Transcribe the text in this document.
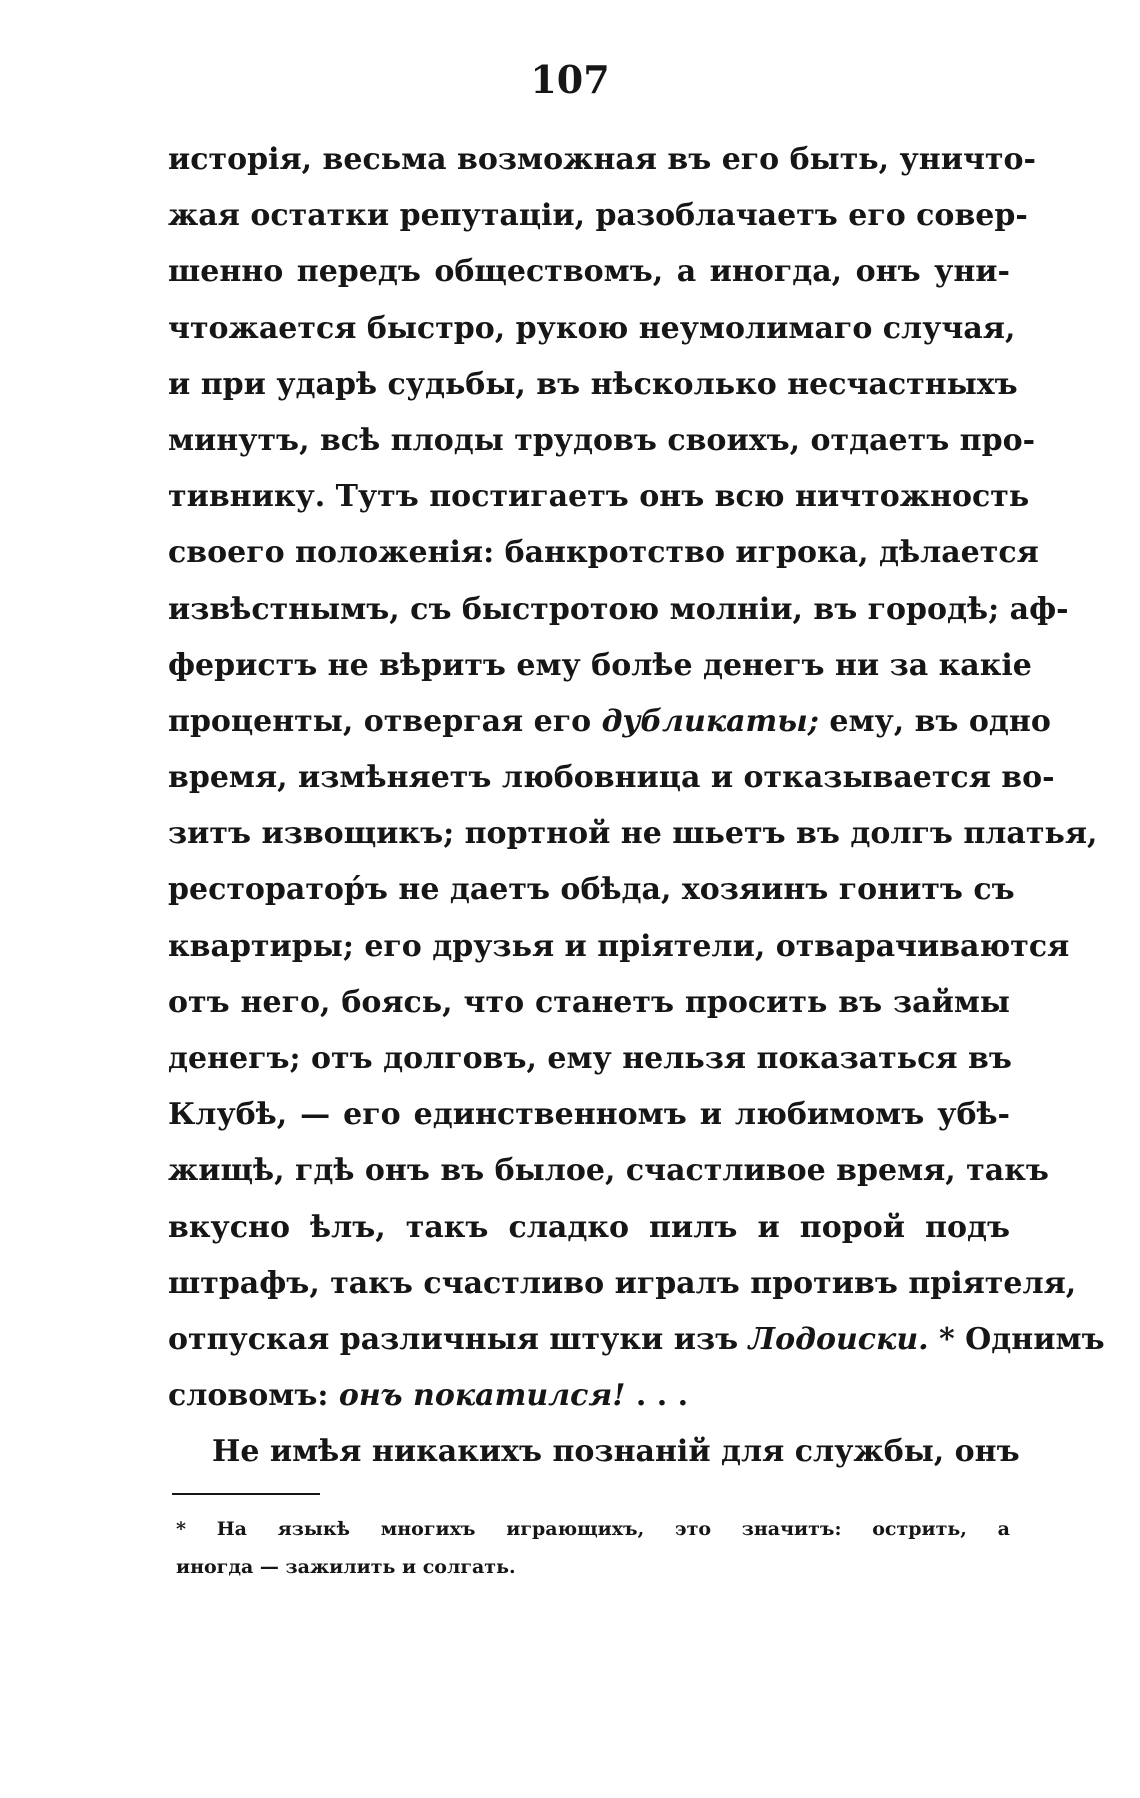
107
исторія, весьма возможная въ его быть, уничто-
жая остатки репутаціи, разоблачаетъ его совер-
шенно передъ обществомъ, а иногда, онъ уни-
чтожается быстро, рукою неумолимаго случая,
и при ударѣ судьбы, въ нѣсколько несчастныхъ
минутъ, всѣ плоды трудовъ своихъ, отдаетъ про-
тивнику. Тутъ постигаетъ онъ всю ничтожность
своего положенія: банкротство игрока, дѣлается
извѣстнымъ, съ быстротою молніи, въ городѣ; аф-
феристъ не вѣритъ ему болѣе денегъ ни за какіе
проценты, отвергая его дубликаты; ему, въ одно
время, измѣняетъ любовница и отказывается во-
зитъ извощикъ; портной не шьетъ въ долгъ платья,
ресторатор́ъ не даетъ обѣда, хозяинъ гонитъ съ
квартиры; его друзья и пріятели, отварачиваются
отъ него, боясь, что станетъ просить въ займы
денегъ; отъ долговъ, ему нельзя показаться въ
Клубѣ, — его единственномъ и любимомъ убѣ-
жищѣ, гдѣ онъ въ былое, счастливое время, такъ
вкусно ѣлъ, такъ сладко пилъ и порой подъ
штрафъ, такъ счастливо игралъ противъ пріятеля,
отпуская различныя штуки изъ Лодоиски. * Однимъ
словомъ: онъ покатился! . . .
Не имѣя никакихъ познаній для службы, онъ
* На языкѣ многихъ играющихъ, это значитъ: острить, а
иногда — зажилить и солгать.
